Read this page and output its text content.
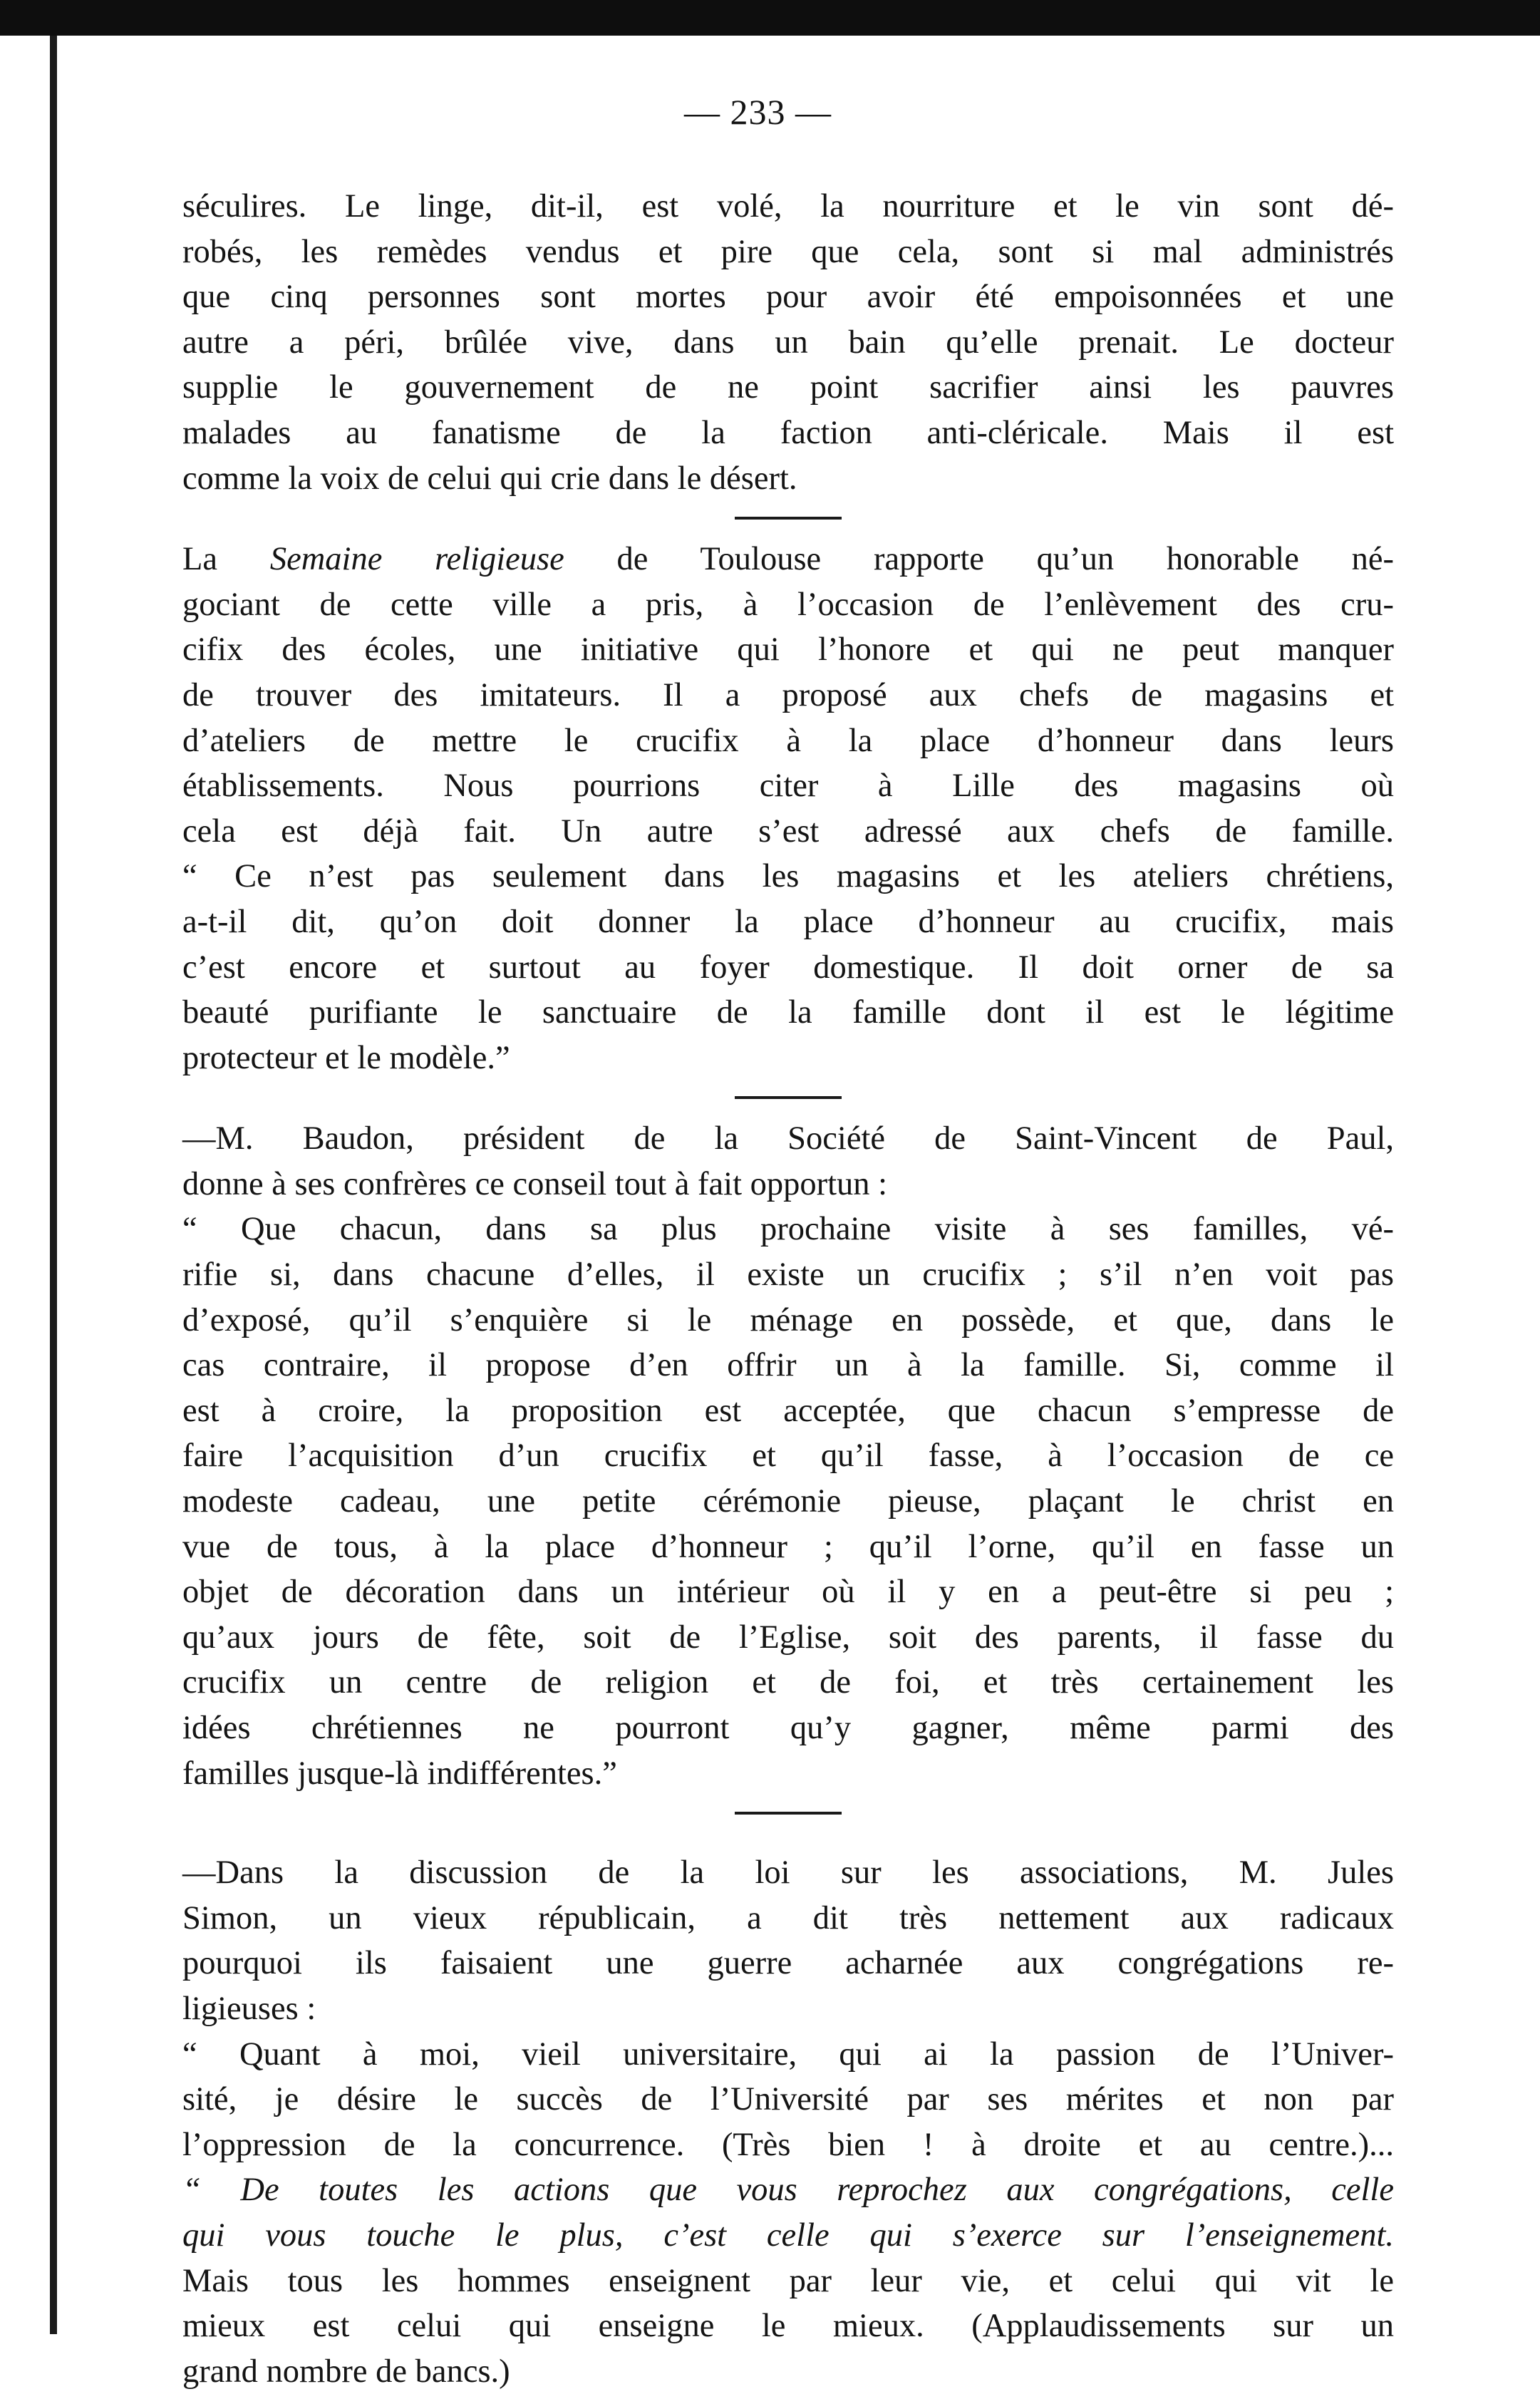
— 233 —
séculires. Le linge, dit-il, est volé, la nourriture et le vin sont dé-
robés, les remèdes vendus et pire que cela, sont si mal administrés
que cinq personnes sont mortes pour avoir été empoisonnées et une
autre a péri, brûlée vive, dans un bain qu’elle prenait. Le docteur
supplie le gouvernement de ne point sacrifier ainsi les pauvres
malades au fanatisme de la faction anti-cléricale. Mais il est
comme la voix de celui qui crie dans le désert.
La Semaine religieuse de Toulouse rapporte qu’un honorable né-
gociant de cette ville a pris, à l’occasion de l’enlèvement des cru-
cifix des écoles, une initiative qui l’honore et qui ne peut manquer
de trouver des imitateurs. Il a proposé aux chefs de magasins et
d’ateliers de mettre le crucifix à la place d’honneur dans leurs
établissements. Nous pourrions citer à Lille des magasins où
cela est déjà fait. Un autre s’est adressé aux chefs de famille.
“ Ce n’est pas seulement dans les magasins et les ateliers chrétiens,
a-t-il dit, qu’on doit donner la place d’honneur au crucifix, mais
c’est encore et surtout au foyer domestique. Il doit orner de sa
beauté purifiante le sanctuaire de la famille dont il est le légitime
protecteur et le modèle.”
—M. Baudon, président de la Société de Saint-Vincent de Paul,
donne à ses confrères ce conseil tout à fait opportun :
“ Que chacun, dans sa plus prochaine visite à ses familles, vé-
rifie si, dans chacune d’elles, il existe un crucifix ; s’il n’en voit pas
d’exposé, qu’il s’enquière si le ménage en possède, et que, dans le
cas contraire, il propose d’en offrir un à la famille. Si, comme il
est à croire, la proposition est acceptée, que chacun s’empresse de
faire l’acquisition d’un crucifix et qu’il fasse, à l’occasion de ce
modeste cadeau, une petite cérémonie pieuse, plaçant le christ en
vue de tous, à la place d’honneur ; qu’il l’orne, qu’il en fasse un
objet de décoration dans un intérieur où il y en a peut-être si peu ;
qu’aux jours de fête, soit de l’Eglise, soit des parents, il fasse du
crucifix un centre de religion et de foi, et très certainement les
idées chrétiennes ne pourront qu’y gagner, même parmi des
familles jusque-là indifférentes.”
—Dans la discussion de la loi sur les associations, M. Jules
Simon, un vieux républicain, a dit très nettement aux radicaux
pourquoi ils faisaient une guerre acharnée aux congrégations re-
ligieuses :
“ Quant à moi, vieil universitaire, qui ai la passion de l’Univer-
sité, je désire le succès de l’Université par ses mérites et non par
l’oppression de la concurrence. (Très bien ! à droite et au centre.)...
“ De toutes les actions que vous reprochez aux congrégations, celle
qui vous touche le plus, c’est celle qui s’exerce sur l’enseignement.
Mais tous les hommes enseignent par leur vie, et celui qui vit le
mieux est celui qui enseigne le mieux. (Applaudissements sur un
grand nombre de bancs.)
